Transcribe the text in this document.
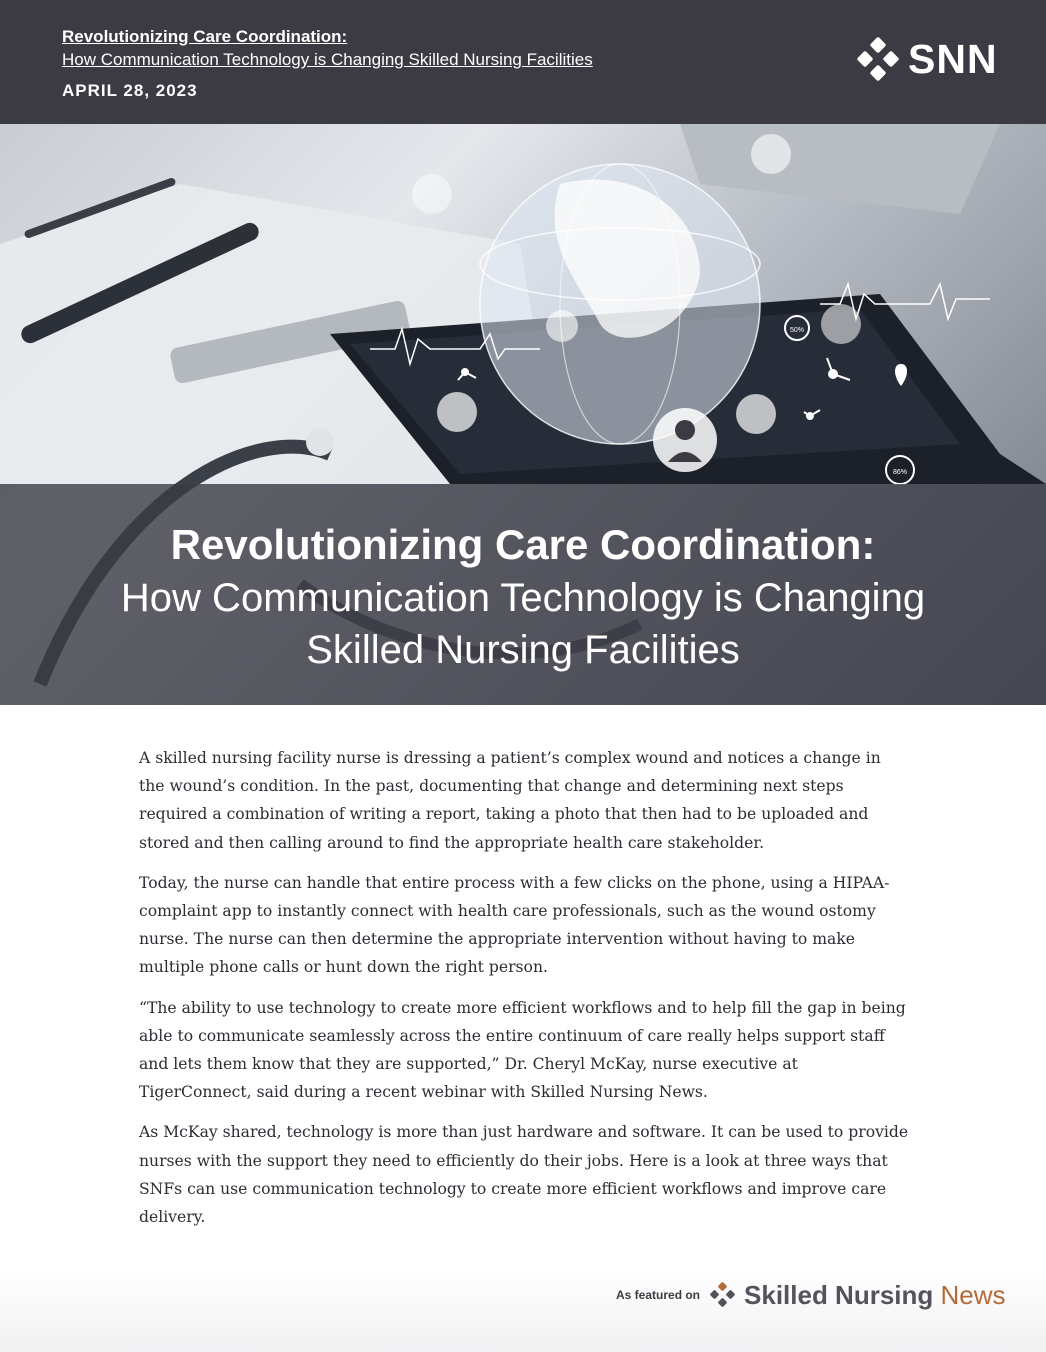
Revolutionizing Care Coordination:
How Communication Technology is Changing Skilled Nursing Facilities
APRIL 28, 2023
SNN
50%
86%
Revolutionizing Care Coordination:
How Communication Technology is Changing Skilled Nursing Facilities

A skilled nursing facility nurse is dressing a patient’s complex wound and notices a change in the wound’s condition. In the past, documenting that change and determining next steps required a combination of writing a report, taking a photo that then had to be uploaded and stored and then calling around to find the appropriate health care stakeholder.

Today, the nurse can handle that entire process with a few clicks on the phone, using a HIPAA-complaint app to instantly connect with health care professionals, such as the wound ostomy nurse. The nurse can then determine the appropriate intervention without having to make multiple phone calls or hunt down the right person.

“The ability to use technology to create more efficient workflows and to help fill the gap in being able to communicate seamlessly across the entire continuum of care really helps support staff and lets them know that they are supported,” Dr. Cheryl McKay, nurse executive at TigerConnect, said during a recent webinar with Skilled Nursing News.

As McKay shared, technology is more than just hardware and software. It can be used to provide nurses with the support they need to efficiently do their jobs. Here is a look at three ways that SNFs can use communication technology to create more efficient workflows and improve care delivery.

As featured on Skilled Nursing News
